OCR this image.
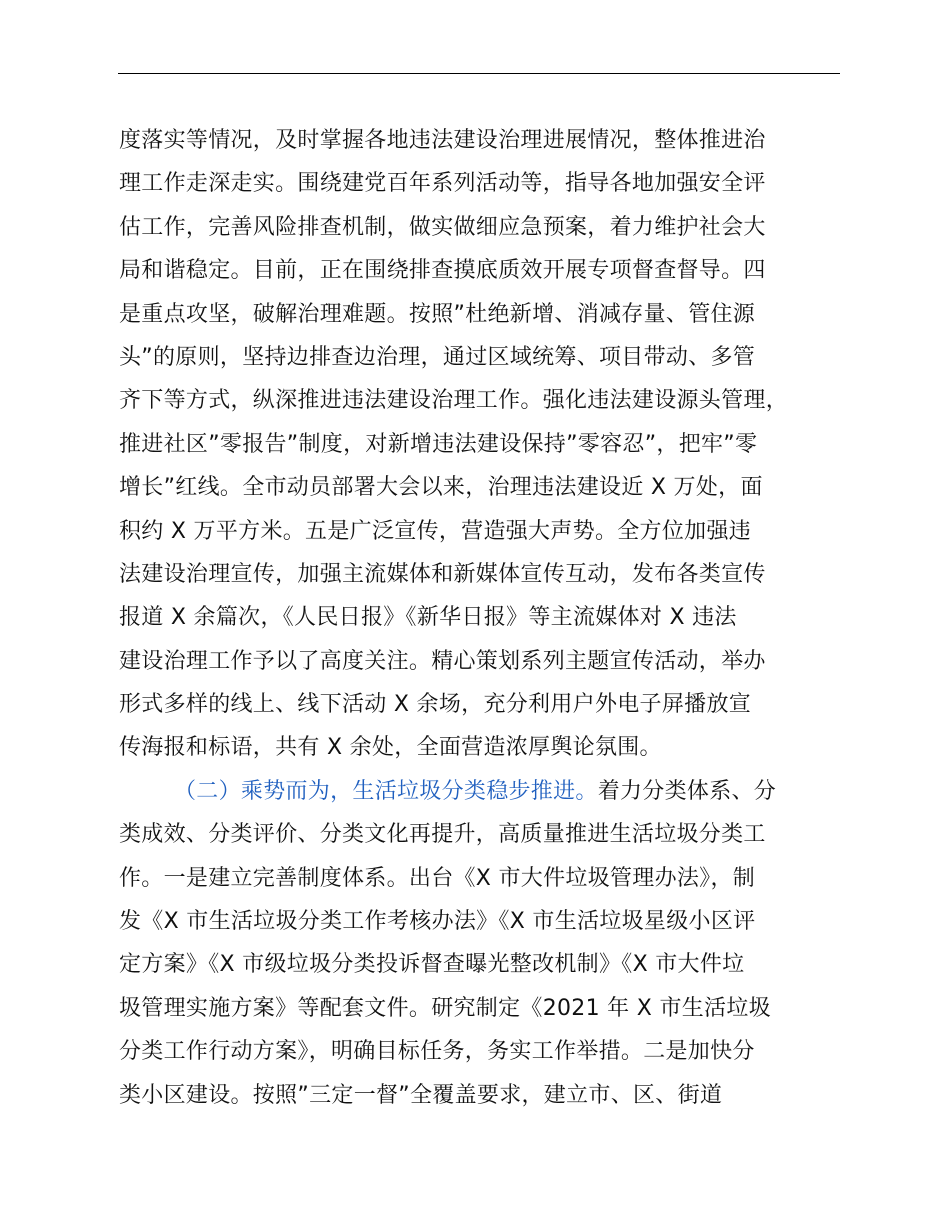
度落实等情况，及时掌握各地违法建设治理进展情况，整体推进治
理工作走深走实。围绕建党百年系列活动等，指导各地加强安全评
估工作，完善风险排查机制，做实做细应急预案，着力维护社会大
局和谐稳定。目前，正在围绕排查摸底质效开展专项督查督导。四
是重点攻坚，破解治理难题。按照”杜绝新增、消减存量、管住源
头”的原则，坚持边排查边治理，通过区域统筹、项目带动、多管
齐下等方式，纵深推进违法建设治理工作。强化违法建设源头管理，
推进社区”零报告”制度，对新增违法建设保持”零容忍”，把牢”零
增长”红线。全市动员部署大会以来，治理违法建设近 X 万处，面
积约 X 万平方米。五是广泛宣传，营造强大声势。全方位加强违
法建设治理宣传，加强主流媒体和新媒体宣传互动，发布各类宣传
报道 X 余篇次，《人民日报》《新华日报》等主流媒体对 X 违法
建设治理工作予以了高度关注。精心策划系列主题宣传活动，举办
形式多样的线上、线下活动 X 余场，充分利用户外电子屏播放宣
传海报和标语，共有 X 余处，全面营造浓厚舆论氛围。
（二）乘势而为，生活垃圾分类稳步推进。着力分类体系、分
类成效、分类评价、分类文化再提升，高质量推进生活垃圾分类工
作。一是建立完善制度体系。出台《X 市大件垃圾管理办法》，制
发《X 市生活垃圾分类工作考核办法》《X 市生活垃圾星级小区评
定方案》《X 市级垃圾分类投诉督查曝光整改机制》《X 市大件垃
圾管理实施方案》等配套文件。研究制定《2021 年 X 市生活垃圾
分类工作行动方案》，明确目标任务，务实工作举措。二是加快分
类小区建设。按照”三定一督”全覆盖要求，建立市、区、街道
